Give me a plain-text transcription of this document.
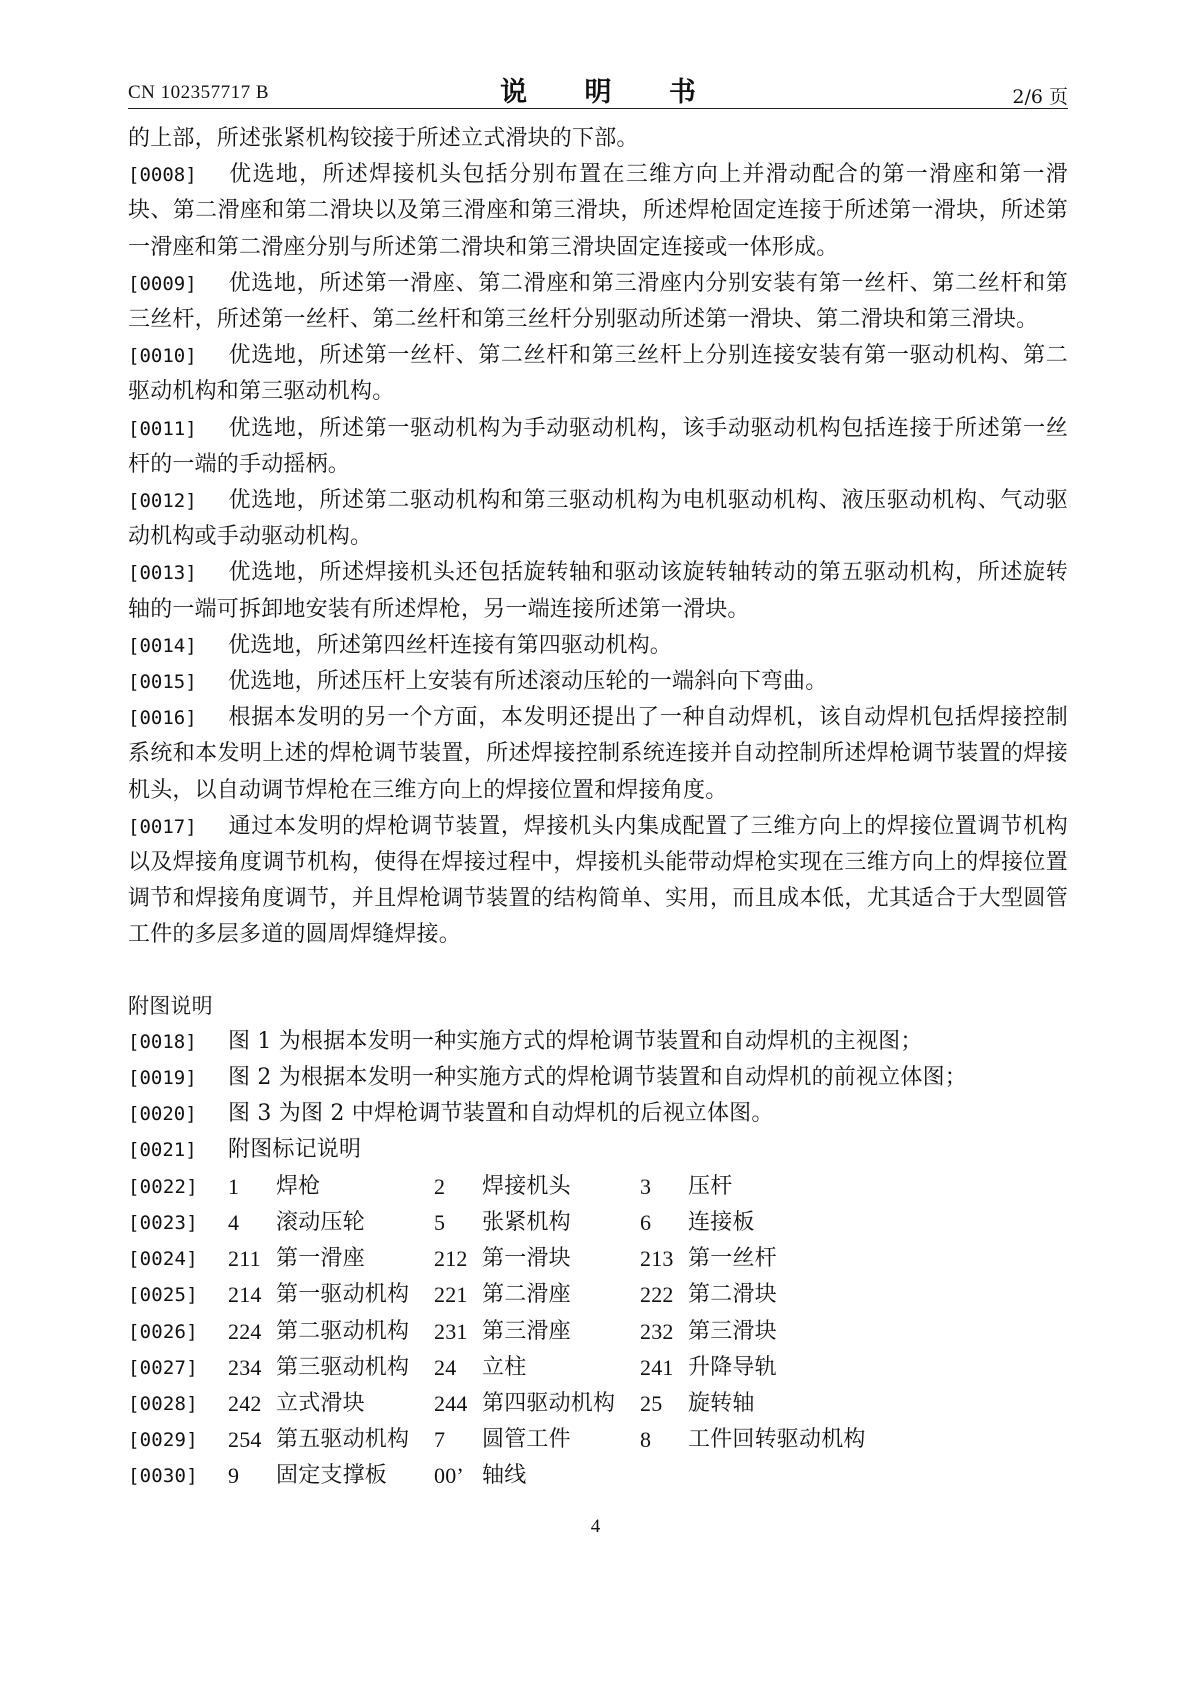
CN 102357717 B	说 明 书	2/6 页

的上部，所述张紧机构铰接于所述立式滑块的下部。

[0008] 优选地，所述焊接机头包括分别布置在三维方向上并滑动配合的第一滑座和第一滑块、第二滑座和第二滑块以及第三滑座和第三滑块，所述焊枪固定连接于所述第一滑块，所述第一滑座和第二滑座分别与所述第二滑块和第三滑块固定连接或一体形成。

[0009] 优选地，所述第一滑座、第二滑座和第三滑座内分别安装有第一丝杆、第二丝杆和第三丝杆，所述第一丝杆、第二丝杆和第三丝杆分别驱动所述第一滑块、第二滑块和第三滑块。

[0010] 优选地，所述第一丝杆、第二丝杆和第三丝杆上分别连接安装有第一驱动机构、第二驱动机构和第三驱动机构。

[0011] 优选地，所述第一驱动机构为手动驱动机构，该手动驱动机构包括连接于所述第一丝杆的一端的手动摇柄。

[0012] 优选地，所述第二驱动机构和第三驱动机构为电机驱动机构、液压驱动机构、气动驱动机构或手动驱动机构。

[0013] 优选地，所述焊接机头还包括旋转轴和驱动该旋转轴转动的第五驱动机构，所述旋转轴的一端可拆卸地安装有所述焊枪，另一端连接所述第一滑块。

[0014] 优选地，所述第四丝杆连接有第四驱动机构。

[0015] 优选地，所述压杆上安装有所述滚动压轮的一端斜向下弯曲。

[0016] 根据本发明的另一个方面，本发明还提出了一种自动焊机，该自动焊机包括焊接控制系统和本发明上述的焊枪调节装置，所述焊接控制系统连接并自动控制所述焊枪调节装置的焊接机头，以自动调节焊枪在三维方向上的焊接位置和焊接角度。

[0017] 通过本发明的焊枪调节装置，焊接机头内集成配置了三维方向上的焊接位置调节机构以及焊接角度调节机构，使得在焊接过程中，焊接机头能带动焊枪实现在三维方向上的焊接位置调节和焊接角度调节，并且焊枪调节装置的结构简单、实用，而且成本低，尤其适合于大型圆管工件的多层多道的圆周焊缝焊接。

附图说明

[0018] 图 1 为根据本发明一种实施方式的焊枪调节装置和自动焊机的主视图；

[0019] 图 2 为根据本发明一种实施方式的焊枪调节装置和自动焊机的前视立体图；

[0020] 图 3 为图 2 中焊枪调节装置和自动焊机的后视立体图。

[0021] 附图标记说明

[0022]	1	焊枪	2	焊接机头	3	压杆
[0023]	4	滚动压轮	5	张紧机构	6	连接板
[0024]	211 第一滑座	212 第一滑块	213 第一丝杆
[0025]	214 第一驱动机构 221 第二滑座	222 第二滑块
[0026]	224 第二驱动机构 231 第三滑座	232 第三滑块
[0027]	234 第三驱动机构 24	立柱	241 升降导轨
[0028]	242 立式滑块	244 第四驱动机构 25	旋转轴
[0029]	254 第五驱动机构 7	圆管工件	8	工件回转驱动机构
[0030]	9	固定支撑板 00’ 轴线
4
